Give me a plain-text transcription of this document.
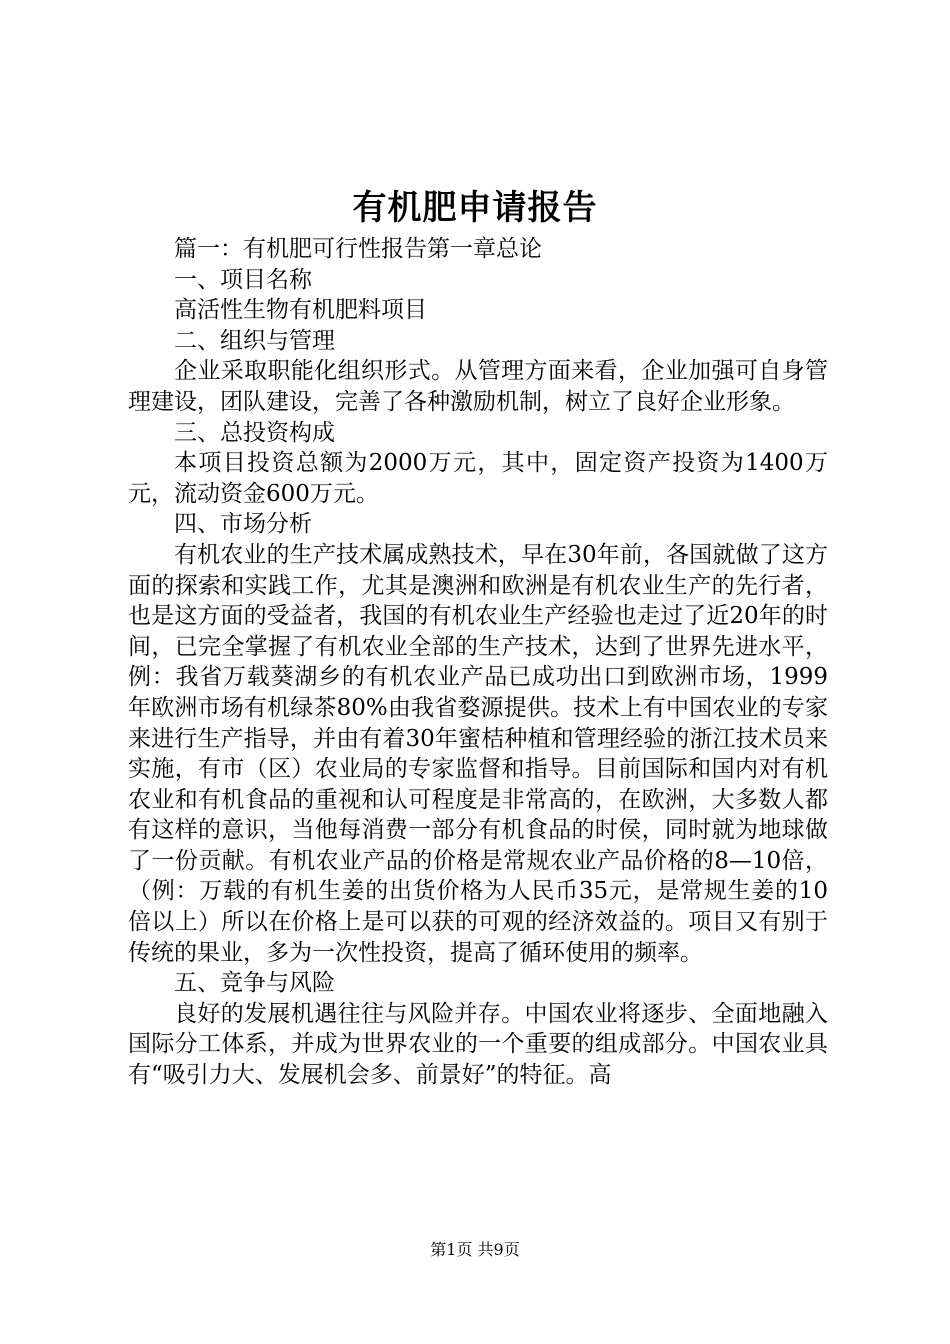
有机肥申请报告

篇一：有机肥可行性报告第一章总论

一、项目名称

高活性生物有机肥料项目

二、组织与管理

企业采取职能化组织形式。从管理方面来看，企业加强可自身管理建设，团队建设，完善了各种激励机制，树立了良好企业形象。

三、总投资构成

本项目投资总额为2000万元，其中，固定资产投资为1400万元，流动资金600万元。

四、市场分析

有机农业的生产技术属成熟技术，早在30年前，各国就做了这方面的探索和实践工作，尤其是澳洲和欧洲是有机农业生产的先行者，也是这方面的受益者，我国的有机农业生产经验也走过了近20年的时间，已完全掌握了有机农业全部的生产技术，达到了世界先进水平，例：我省万载葵湖乡的有机农业产品已成功出口到欧洲市场，1999年欧洲市场有机绿茶80%由我省婺源提供。技术上有中国农业的专家来进行生产指导，并由有着30年蜜桔种植和管理经验的浙江技术员来实施，有市（区）农业局的专家监督和指导。目前国际和国内对有机农业和有机食品的重视和认可程度是非常高的，在欧洲，大多数人都有这样的意识，当他每消费一部分有机食品的时侯，同时就为地球做了一份贡献。有机农业产品的价格是常规农业产品价格的8—10倍，（例：万载的有机生姜的出货价格为人民币35元，是常规生姜的10倍以上）所以在价格上是可以获的可观的经济效益的。项目又有别于传统的果业，多为一次性投资，提高了循环使用的频率。

五、竞争与风险

良好的发展机遇往往与风险并存。中国农业将逐步、全面地融入国际分工体系，并成为世界农业的一个重要的组成部分。中国农业具有“吸引力大、发展机会多、前景好”的特征。高

第1页 共9页
